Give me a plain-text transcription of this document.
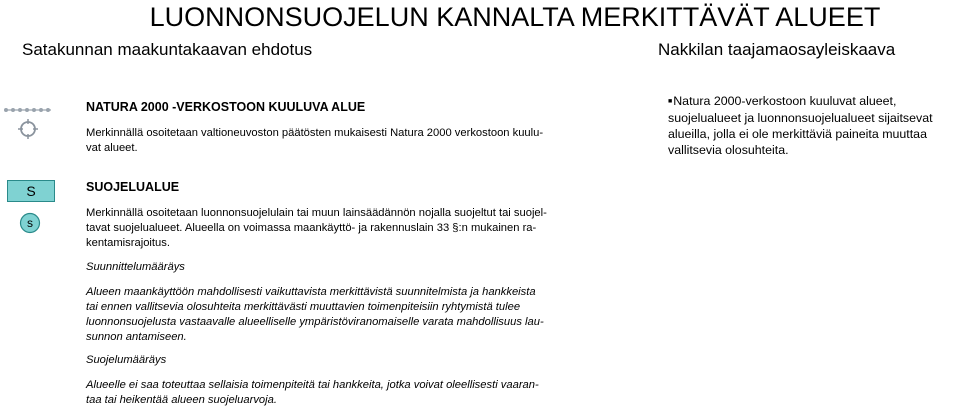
LUONNONSUOJELUN KANNALTA MERKITTÄVÄT ALUEET
Satakunnan maakuntakaavan ehdotus	Nakkilan taajamaosayleiskaava
NATURA 2000 -VERKOSTOON KUULUVA ALUE
Merkinnällä osoitetaan valtioneuvoston päätösten mukaisesti Natura 2000 verkostoon kuulu-
vat alueet.
S
s
SUOJELUALUE
Merkinnällä osoitetaan luonnonsuojelulain tai muun lainsäädännön nojalla suojeltut tai suojel-
tavat suojelualueet. Alueella on voimassa maankäyttö- ja rakennuslain 33 §:n mukainen ra-
kentamisrajoitus.
Suunnittelumääräys
Alueen maankäyttöön mahdollisesti vaikuttavista merkittävistä suunnitelmista ja hankkeista
tai ennen vallitsevia olosuhteita merkittävästi muuttavien toimenpiteisiin ryhtymistä tulee
luonnonsuojelusta vastaavalle alueelliselle ympäristöviranomaiselle varata mahdollisuus lau-
sunnon antamiseen.
Suojelumääräys
Alueelle ei saa toteuttaa sellaisia toimenpiteitä tai hankkeita, jotka voivat oleellisesti vaaran-
taa tai heikentää alueen suojeluarvoja.
■Natura 2000-verkostoon kuuluvat alueet,
suojelualueet ja luonnonsuojelualueet sijaitsevat
alueilla, jolla ei ole merkittäviä paineita muuttaa
vallitsevia olosuhteita.
